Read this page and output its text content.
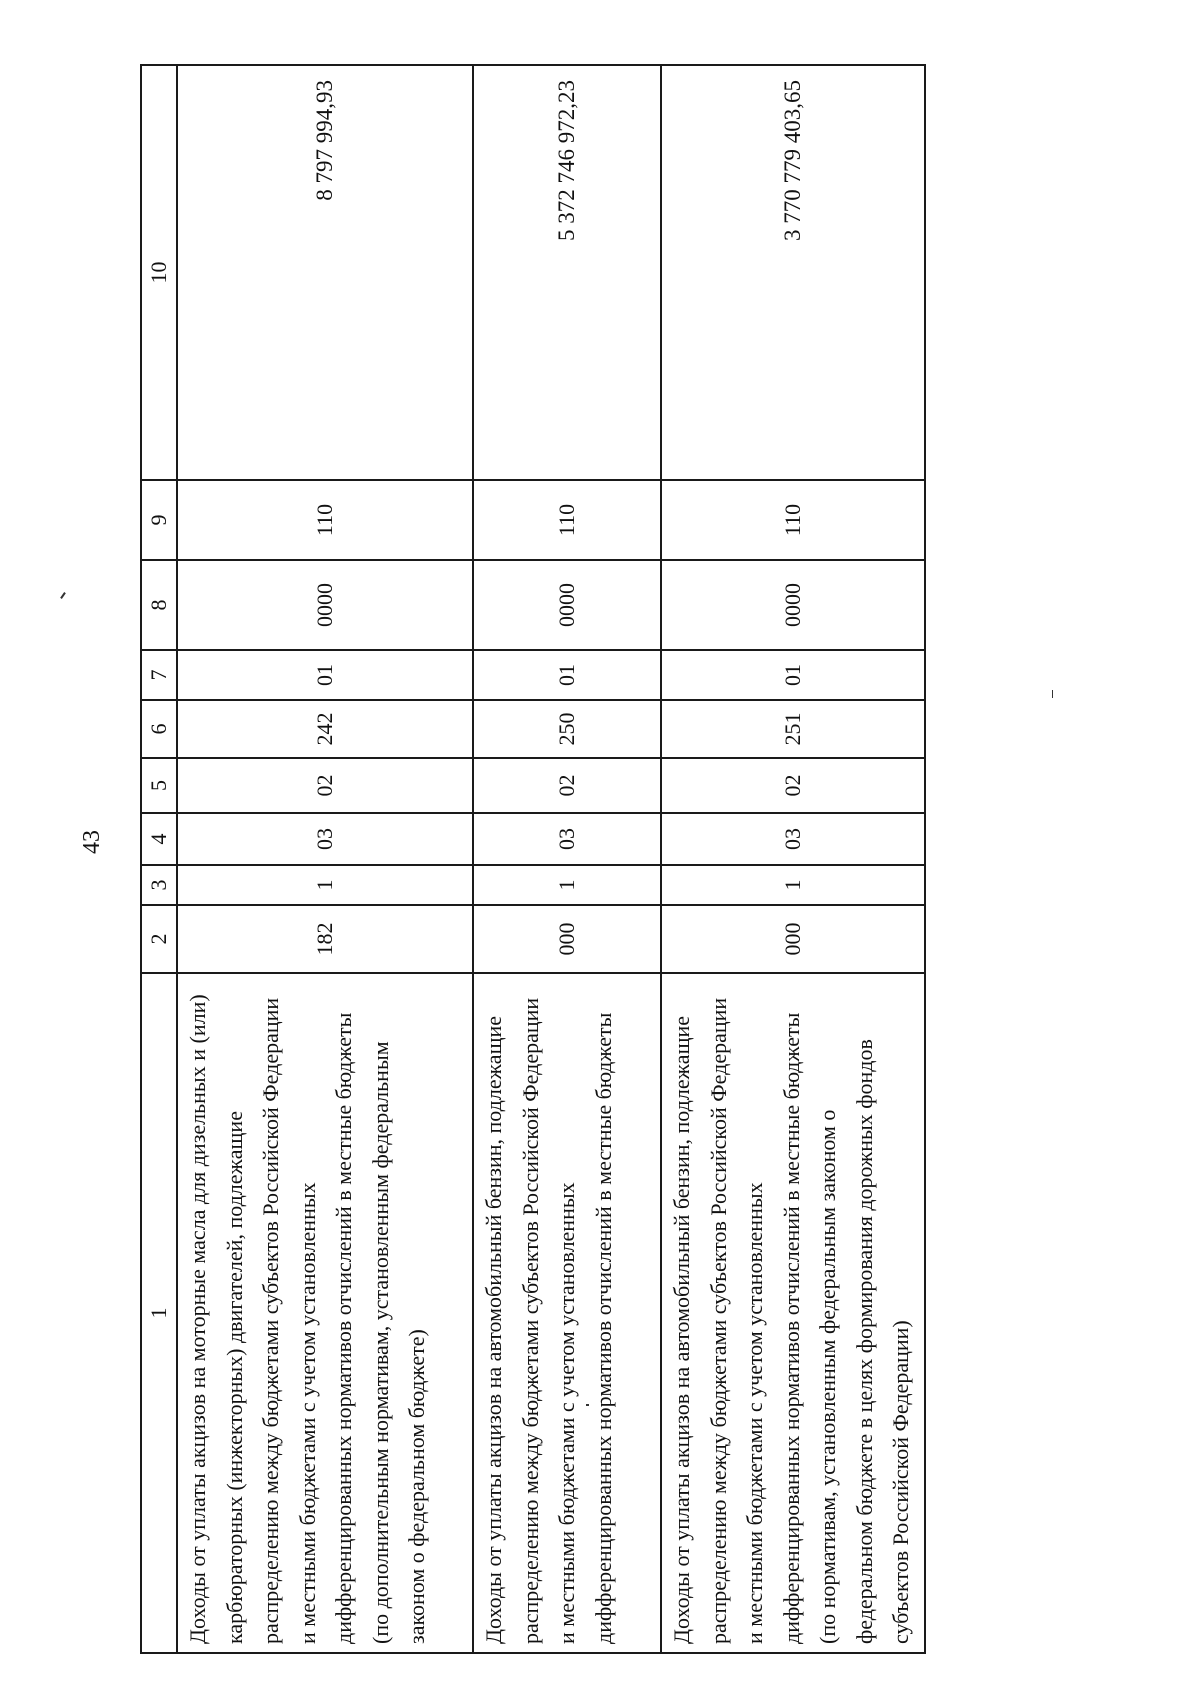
43
1	2	3	4	5	6	7	8	9	10
Доходы от уплаты акцизов на моторные масла для дизельных и (или) карбюраторных (инжекторных) двигателей, подлежащие распределению между бюджетами субъектов Российской Федерации и местными бюджетами с учетом установленных дифференцированных нормативов отчислений в местные бюджеты (по дополнительным нормативам, установленным федеральным законом о федеральном бюджете)	182	1	03	02	242	01	0000	110	8 797 994,93
Доходы от уплаты акцизов на автомобильный бензин, подлежащие распределению между бюджетами субъектов Российской Федерации и местными бюджетами с учетом установленных дифференцированных нормативов отчислений в местные бюджеты	000	1	03	02	250	01	0000	110	5 372 746 972,23
Доходы от уплаты акцизов на автомобильный бензин, подлежащие распределению между бюджетами субъектов Российской Федерации и местными бюджетами с учетом установленных дифференцированных нормативов отчислений в местные бюджеты (по нормативам, установленным федеральным законом о федеральном бюджете в целях формирования дорожных фондов субъектов Российской Федерации)	000	1	03	02	251	01	0000	110	3 770 779 403,65
